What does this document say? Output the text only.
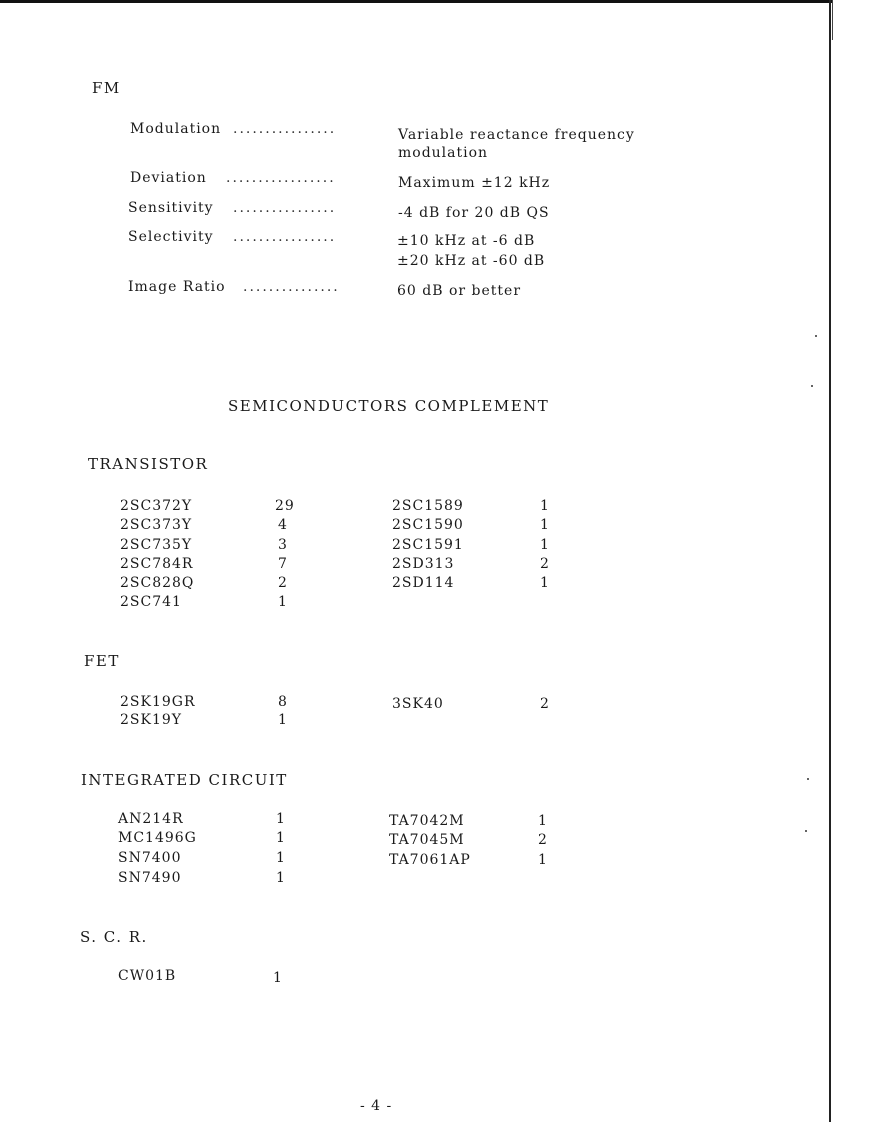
FM
Modulation ................	Variable reactance frequency
modulation
Deviation .................	Maximum ±12 kHz
Sensitivity ................	-4 dB for 20 dB QS
Selectivity ................	±10 kHz at -6 dB
±20 kHz at -60 dB
Image Ratio ...............	60 dB or better
SEMICONDUCTORS COMPLEMENT
TRANSISTOR
2SC372Y	29	2SC1589	1
2SC373Y	4	2SC1590	1
2SC735Y	3	2SC1591	1
2SC784R	7	2SD313	2
2SC828Q	2	2SD114	1
2SC741	1
FET
2SK19GR	8	3SK40	2
2SK19Y	1
INTEGRATED CIRCUIT
AN214R	1	TA7042M	1
MC1496G	1	TA7045M	2
SN7400	1	TA7061AP	1
SN7490	1
S. C. R.
CW01B	1
- 4 -
